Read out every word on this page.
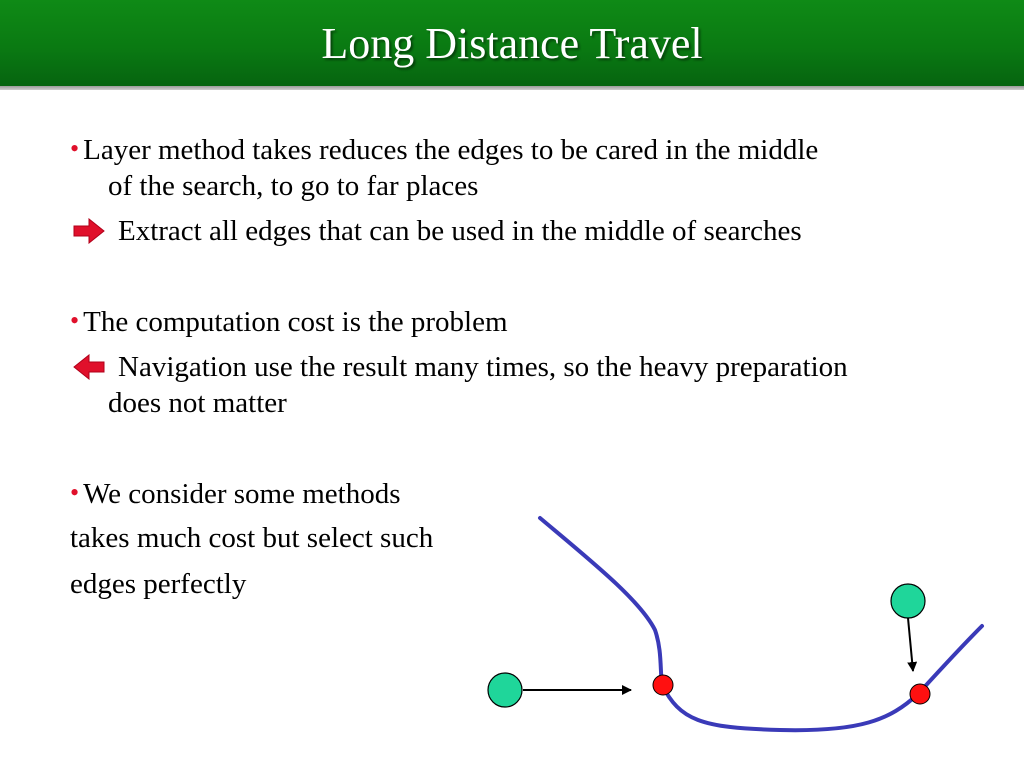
Long Distance Travel
• Layer method takes reduces the edges to be cared in the middle
of the search, to go to far places
Extract all edges that can be used in the middle of searches
• The computation cost is the problem
Navigation use the result many times, so the heavy preparation
does not matter
• We consider some methods
takes much cost but select such
edges perfectly
